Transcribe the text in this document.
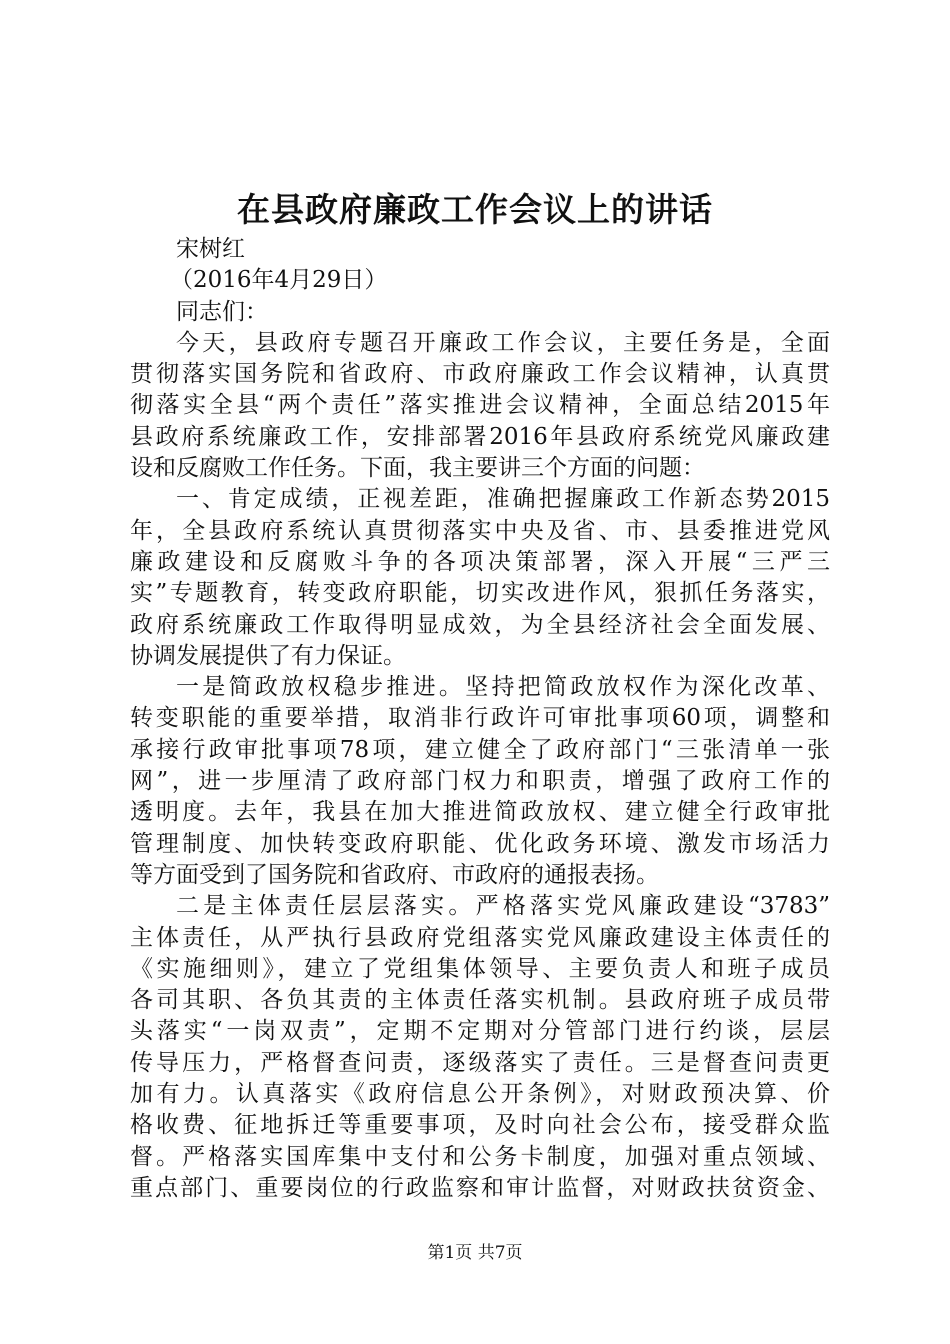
在县政府廉政工作会议上的讲话
宋树红
（2016年4月29日）
同志们：
今天，县政府专题召开廉政工作会议，主要任务是，全面
贯彻落实国务院和省政府、市政府廉政工作会议精神，认真贯
彻落实全县“两个责任”落实推进会议精神，全面总结2015年
县政府系统廉政工作，安排部署2016年县政府系统党风廉政建
设和反腐败工作任务。下面，我主要讲三个方面的问题：
一、肯定成绩，正视差距，准确把握廉政工作新态势2015
年，全县政府系统认真贯彻落实中央及省、市、县委推进党风
廉政建设和反腐败斗争的各项决策部署，深入开展“三严三
实”专题教育，转变政府职能，切实改进作风，狠抓任务落实，
政府系统廉政工作取得明显成效，为全县经济社会全面发展、
协调发展提供了有力保证。
一是简政放权稳步推进。坚持把简政放权作为深化改革、
转变职能的重要举措，取消非行政许可审批事项60项，调整和
承接行政审批事项78项，建立健全了政府部门“三张清单一张
网”，进一步厘清了政府部门权力和职责，增强了政府工作的
透明度。去年，我县在加大推进简政放权、建立健全行政审批
管理制度、加快转变政府职能、优化政务环境、激发市场活力
等方面受到了国务院和省政府、市政府的通报表扬。
二是主体责任层层落实。严格落实党风廉政建设“3783”
主体责任，从严执行县政府党组落实党风廉政建设主体责任的
《实施细则》，建立了党组集体领导、主要负责人和班子成员
各司其职、各负其责的主体责任落实机制。县政府班子成员带
头落实“一岗双责”，定期不定期对分管部门进行约谈，层层
传导压力，严格督查问责，逐级落实了责任。三是督查问责更
加有力。认真落实《政府信息公开条例》，对财政预决算、价
格收费、征地拆迁等重要事项，及时向社会公布，接受群众监
督。严格落实国库集中支付和公务卡制度，加强对重点领域、
重点部门、重要岗位的行政监察和审计监督，对财政扶贫资金、
第1页 共7页
